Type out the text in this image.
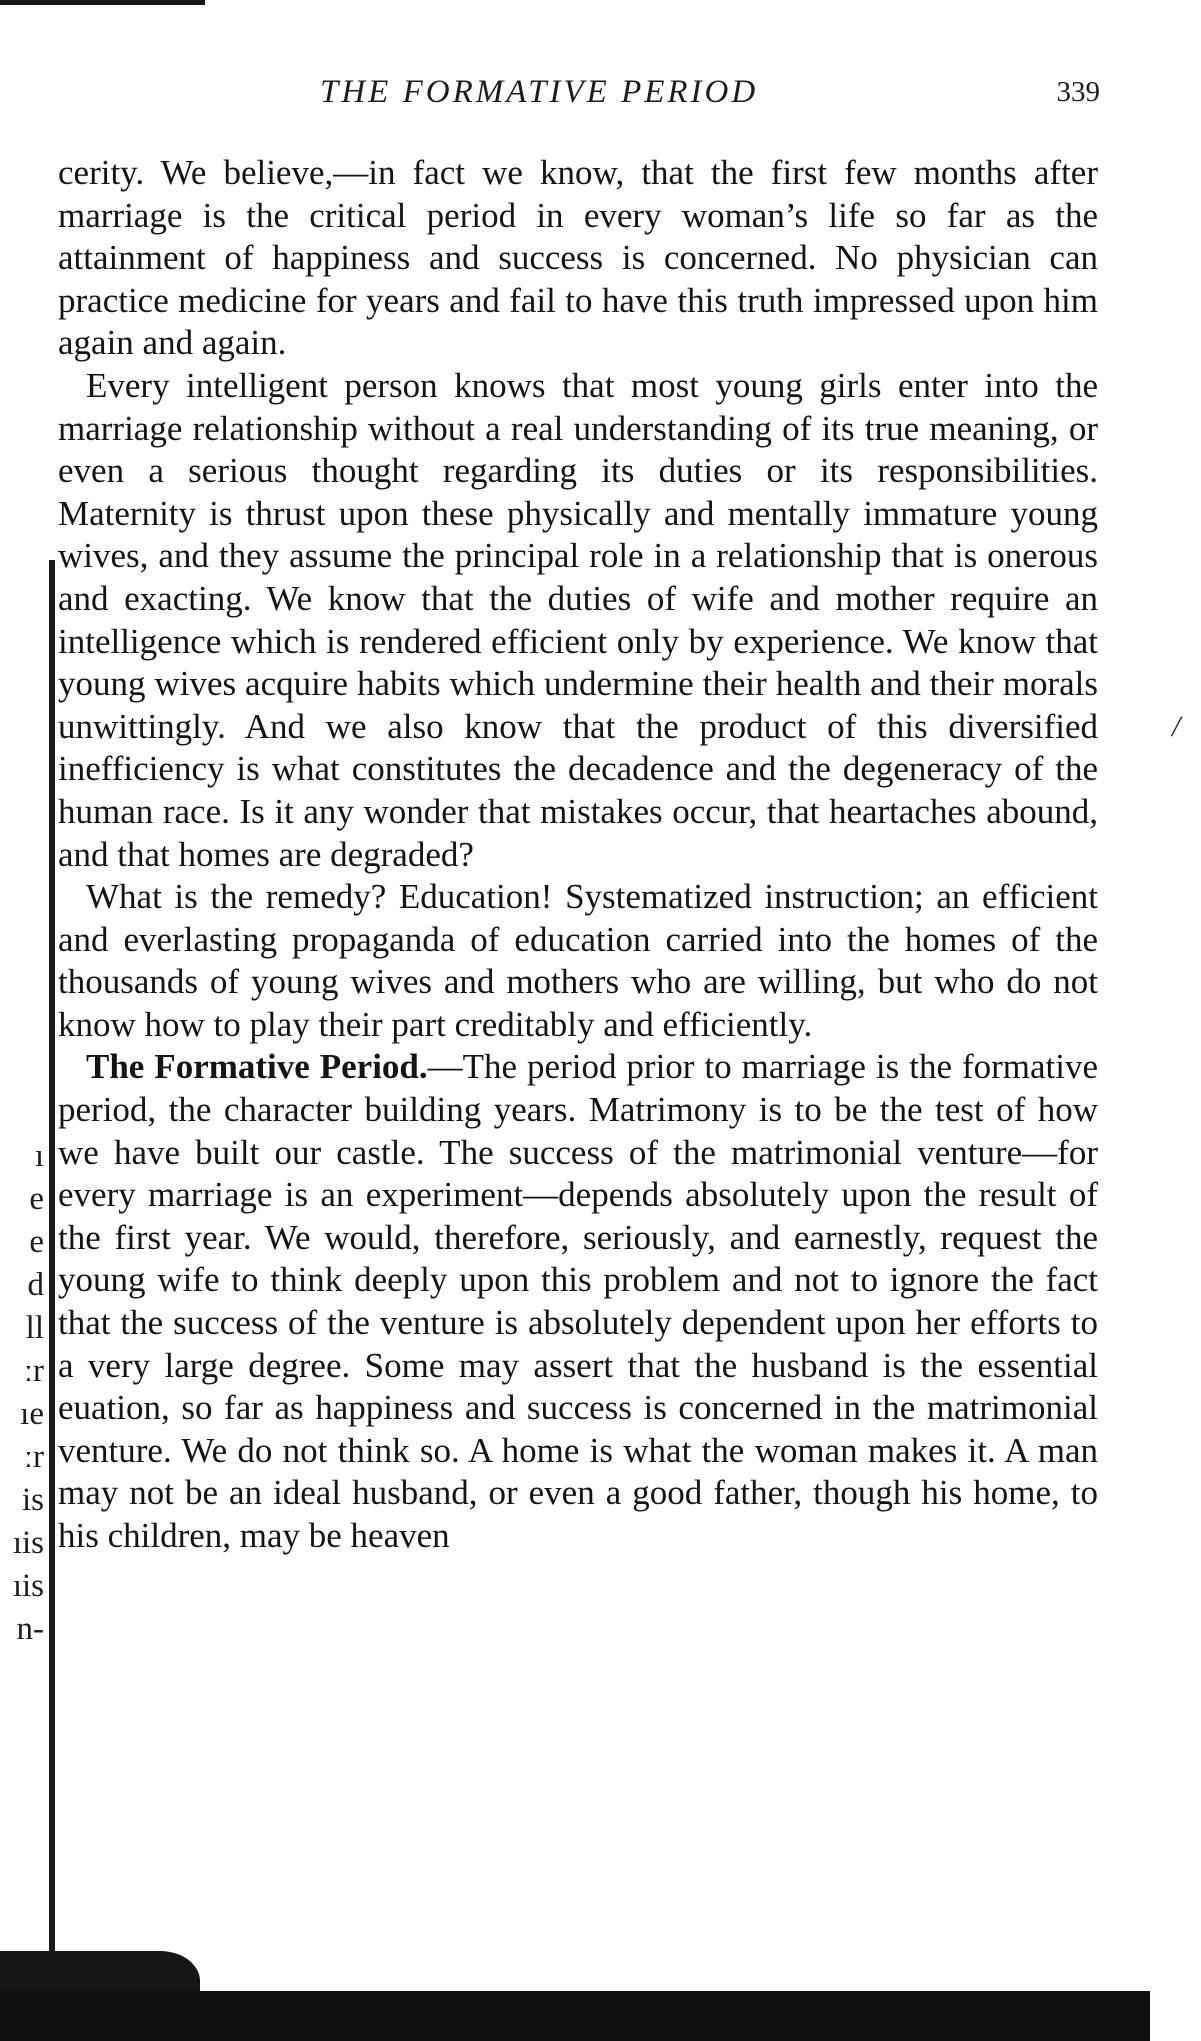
THE FORMATIVE PERIOD	339

cerity. We believe,—in fact we know, that the first few months after marriage is the critical period in every woman’s life so far as the attainment of happiness and success is concerned. No physician can practice medicine for years and fail to have this truth impressed upon him again and again.

Every intelligent person knows that most young girls enter into the marriage relationship without a real understanding of its true meaning, or even a serious thought regarding its duties or its responsibilities. Maternity is thrust upon these physically and mentally immature young wives, and they assume the principal role in a relationship that is onerous and exacting. We know that the duties of wife and mother require an intelligence which is rendered efficient only by experience. We know that young wives acquire habits which undermine their health and their morals unwittingly. And we also know that the product of this diversified inefficiency is what constitutes the decadence and the degeneracy of the human race. Is it any wonder that mistakes occur, that heartaches abound, and that homes are degraded?

What is the remedy? Education! Systematized instruction; an efficient and everlasting propaganda of education carried into the homes of the thousands of young wives and mothers who are willing, but who do not know how to play their part creditably and efficiently.

The Formative Period.—The period prior to marriage is the formative period, the character building years. Matrimony is to be the test of how we have built our castle. The success of the matrimonial venture—for every marriage is an experiment—depends absolutely upon the result of the first year. We would, therefore, seriously, and earnestly, request the young wife to think deeply upon this problem and not to ignore the fact that the success of the venture is absolutely dependent upon her efforts to a very large degree. Some may assert that the husband is the essential euation, so far as happiness and success is concerned in the matrimonial venture. We do not think so. A home is what the woman makes it. A man may not be an ideal husband, or even a good father, though his home, to his children, may be heaven

ı
e
e
d
ll
ːr
ıe
ːr
is
ıis
ıis
n-
/
